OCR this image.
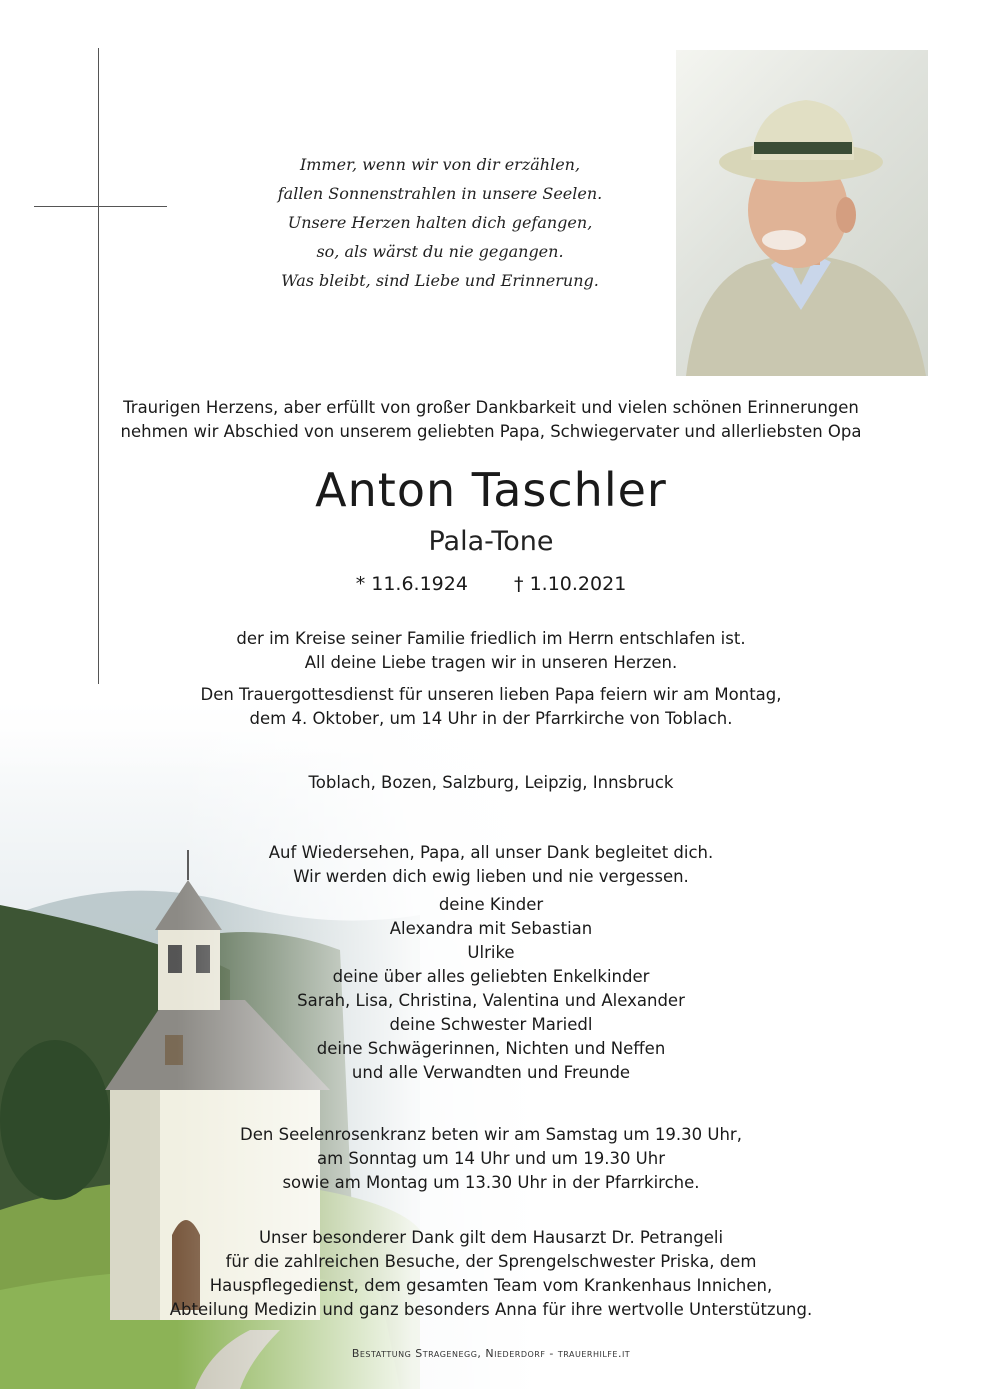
Immer, wenn wir von dir erzählen,
fallen Sonnenstrahlen in unsere Seelen.
Unsere Herzen halten dich gefangen,
so, als wärst du nie gegangen.
Was bleibt, sind Liebe und Erinnerung.
Traurigen Herzens, aber erfüllt von großer Dankbarkeit und vielen schönen Erinnerungen
nehmen wir Abschied von unserem geliebten Papa, Schwiegervater und allerliebsten Opa
Anton Taschler
Pala-Tone
* 11.6.1924 † 1.10.2021
der im Kreise seiner Familie friedlich im Herrn entschlafen ist.
All deine Liebe tragen wir in unseren Herzen.
Den Trauergottesdienst für unseren lieben Papa feiern wir am Montag,
dem 4. Oktober, um 14 Uhr in der Pfarrkirche von Toblach.
Toblach, Bozen, Salzburg, Leipzig, Innsbruck
Auf Wiedersehen, Papa, all unser Dank begleitet dich.
Wir werden dich ewig lieben und nie vergessen.
deine Kinder
Alexandra mit Sebastian
Ulrike
deine über alles geliebten Enkelkinder
Sarah, Lisa, Christina, Valentina und Alexander
deine Schwester Mariedl
deine Schwägerinnen, Nichten und Neffen
und alle Verwandten und Freunde
Den Seelenrosenkranz beten wir am Samstag um 19.30 Uhr,
am Sonntag um 14 Uhr und um 19.30 Uhr
sowie am Montag um 13.30 Uhr in der Pfarrkirche.
Unser besonderer Dank gilt dem Hausarzt Dr. Petrangeli
für die zahlreichen Besuche, der Sprengelschwester Priska, dem
Hauspflegedienst, dem gesamten Team vom Krankenhaus Innichen,
Abteilung Medizin und ganz besonders Anna für ihre wertvolle Unterstützung.
Bestattung Stragenegg, Niederdorf - trauerhilfe.it
